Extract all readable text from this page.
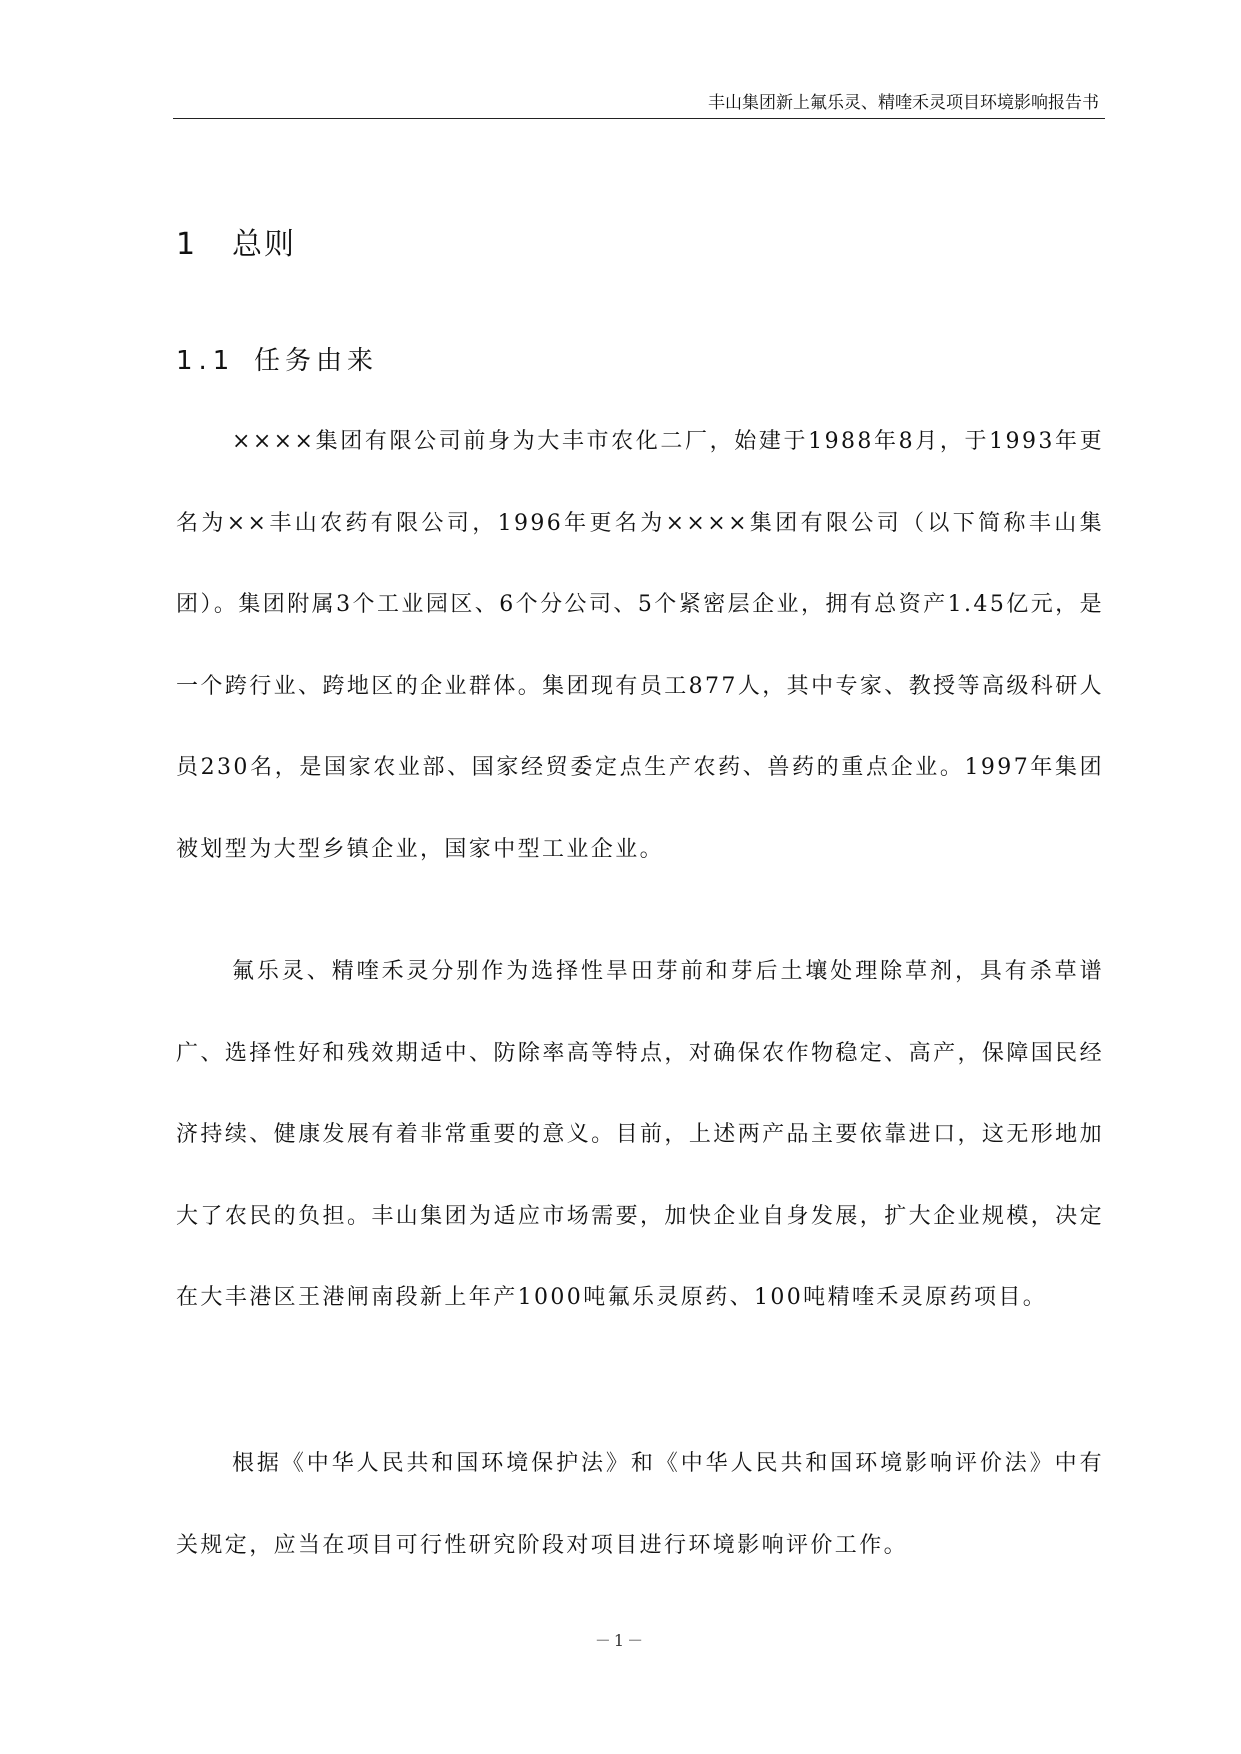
丰山集团新上氟乐灵、精喹禾灵项目环境影响报告书
1 总则
1.1 任务由来

××××集团有限公司前身为大丰市农化二厂，始建于1988年8月，于1993年更名为××丰山农药有限公司，1996年更名为××××集团有限公司（以下简称丰山集团）。集团附属3个工业园区、6个分公司、5个紧密层企业，拥有总资产1.45亿元，是一个跨行业、跨地区的企业群体。集团现有员工877人，其中专家、教授等高级科研人员230名，是国家农业部、国家经贸委定点生产农药、兽药的重点企业。1997年集团被划型为大型乡镇企业，国家中型工业企业。

氟乐灵、精喹禾灵分别作为选择性旱田芽前和芽后土壤处理除草剂，具有杀草谱广、选择性好和残效期适中、防除率高等特点，对确保农作物稳定、高产，保障国民经济持续、健康发展有着非常重要的意义。目前，上述两产品主要依靠进口，这无形地加大了农民的负担。丰山集团为适应市场需要，加快企业自身发展，扩大企业规模，决定在大丰港区王港闸南段新上年产1000吨氟乐灵原药、100吨精喹禾灵原药项目。

根据《中华人民共和国环境保护法》和《中华人民共和国环境影响评价法》中有关规定，应当在项目可行性研究阶段对项目进行环境影响评价工作。

－1－
